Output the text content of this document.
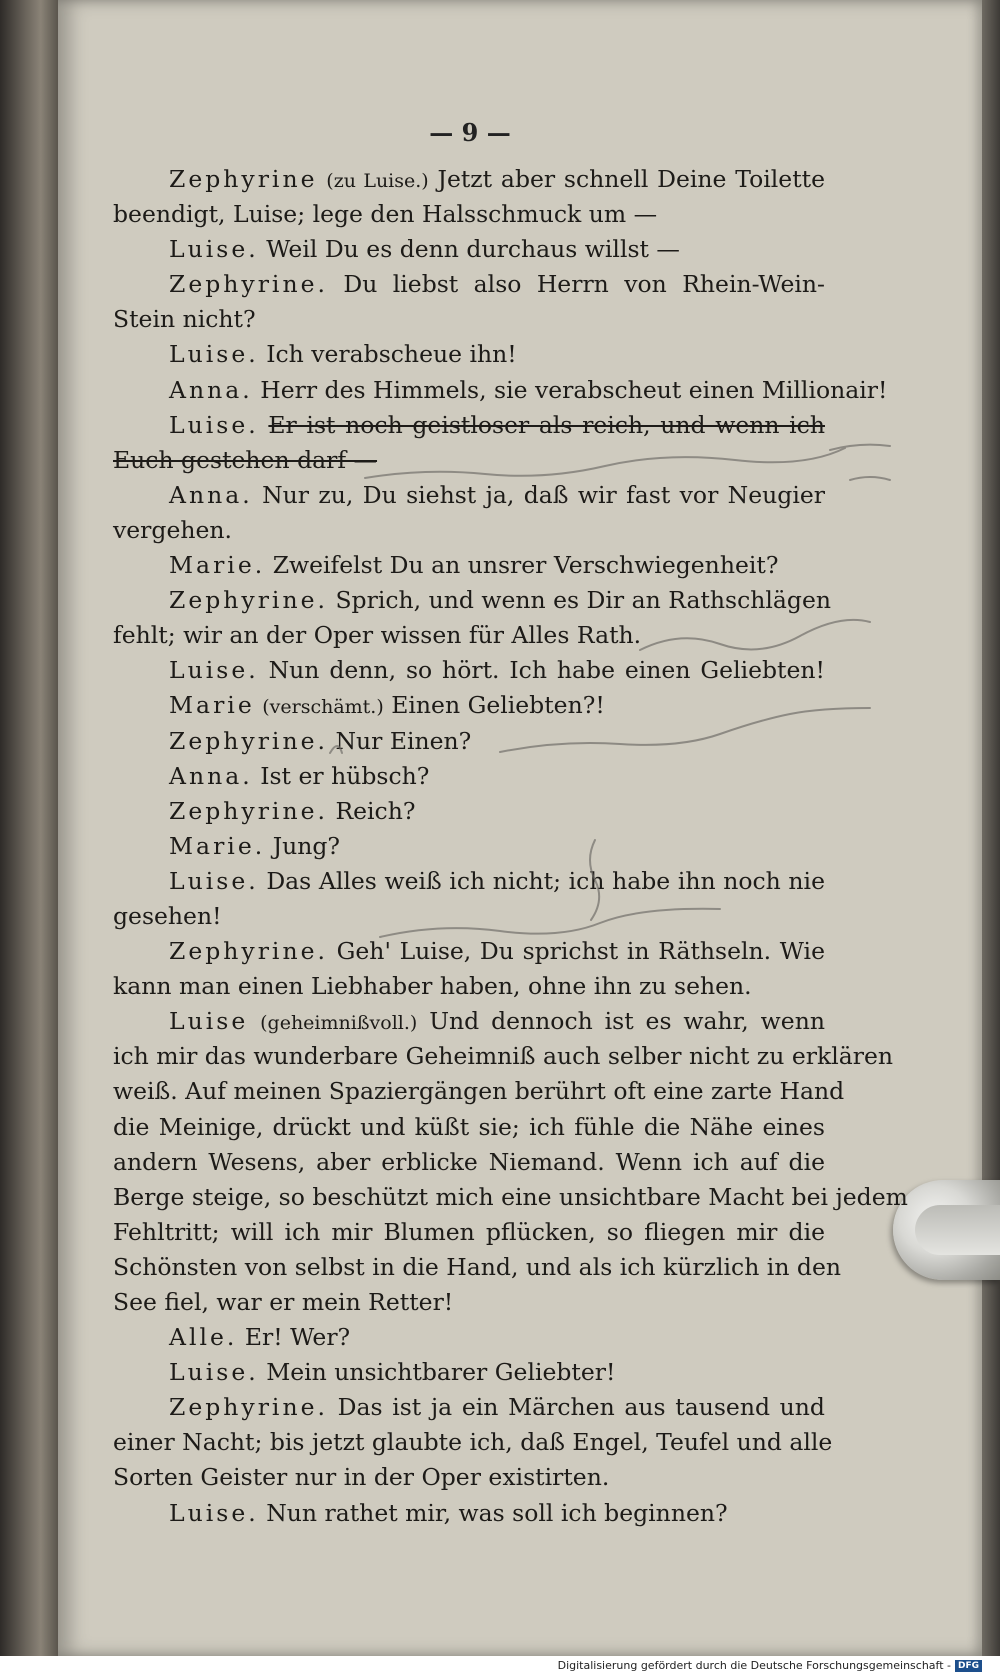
— 9 —
Zephyrine (zu Luise.) Jetzt aber schnell Deine Toilette
beendigt, Luise; lege den Halsschmuck um —
Luise. Weil Du es denn durchaus willst —
Zephyrine. Du liebst also Herrn von Rhein-Wein-
Stein nicht?
Luise. Ich verabscheue ihn!
Anna. Herr des Himmels, sie verabscheut einen Millionair!
Luise. Er ist noch geistloser als reich, und wenn ich
Euch gestehen darf —
Anna. Nur zu, Du siehst ja, daß wir fast vor Neugier
vergehen.
Marie. Zweifelst Du an unsrer Verschwiegenheit?
Zephyrine. Sprich, und wenn es Dir an Rathschlägen
fehlt; wir an der Oper wissen für Alles Rath.
Luise. Nun denn, so hört. Ich habe einen Geliebten!
Marie (verschämt.) Einen Geliebten?!
Zephyrine. Nur Einen?
Anna. Ist er hübsch?
Zephyrine. Reich?
Marie. Jung?
Luise. Das Alles weiß ich nicht; ich habe ihn noch nie
gesehen!
Zephyrine. Geh' Luise, Du sprichst in Räthseln. Wie
kann man einen Liebhaber haben, ohne ihn zu sehen.
Luise (geheimnißvoll.) Und dennoch ist es wahr, wenn
ich mir das wunderbare Geheimniß auch selber nicht zu erklären
weiß. Auf meinen Spaziergängen berührt oft eine zarte Hand
die Meinige, drückt und küßt sie; ich fühle die Nähe eines
andern Wesens, aber erblicke Niemand. Wenn ich auf die
Berge steige, so beschützt mich eine unsichtbare Macht bei jedem
Fehltritt; will ich mir Blumen pflücken, so fliegen mir die
Schönsten von selbst in die Hand, und als ich kürzlich in den
See fiel, war er mein Retter!
Alle. Er! Wer?
Luise. Mein unsichtbarer Geliebter!
Zephyrine. Das ist ja ein Märchen aus tausend und
einer Nacht; bis jetzt glaubte ich, daß Engel, Teufel und alle
Sorten Geister nur in der Oper existirten.
Luise. Nun rathet mir, was soll ich beginnen?
Digitalisierung gefördert durch die Deutsche Forschungsgemeinschaft - DFG
